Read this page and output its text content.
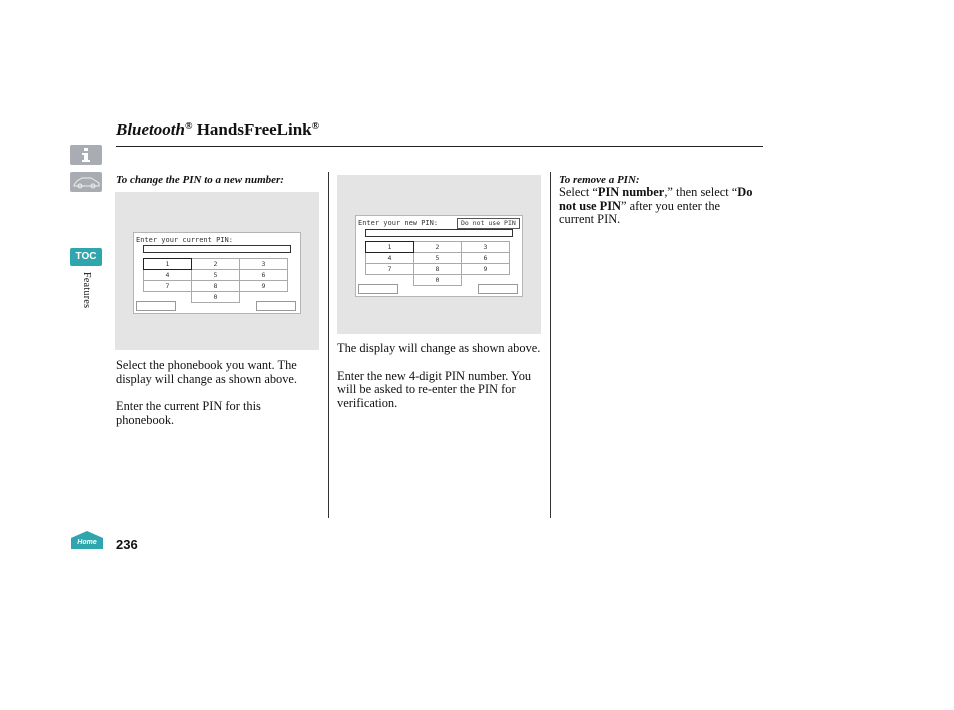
Bluetooth® HandsFreeLink®
TOC
Features
Home 236
To change the PIN to a new number:
Enter your current PIN:
_
1	2	3
4	5	6
7	8	9
	0	

Select the phonebook you want. The display will change as shown above.

Enter the current PIN for this phonebook.

Enter your new PIN:	Do not use PIN
_
1	2	3
4	5	6
7	8	9
	0	

The display will change as shown above.

Enter the new 4-digit PIN number. You will be asked to re-enter the PIN for verification.

To remove a PIN:

Select “PIN number,” then select “Do not use PIN” after you enter the current PIN.
